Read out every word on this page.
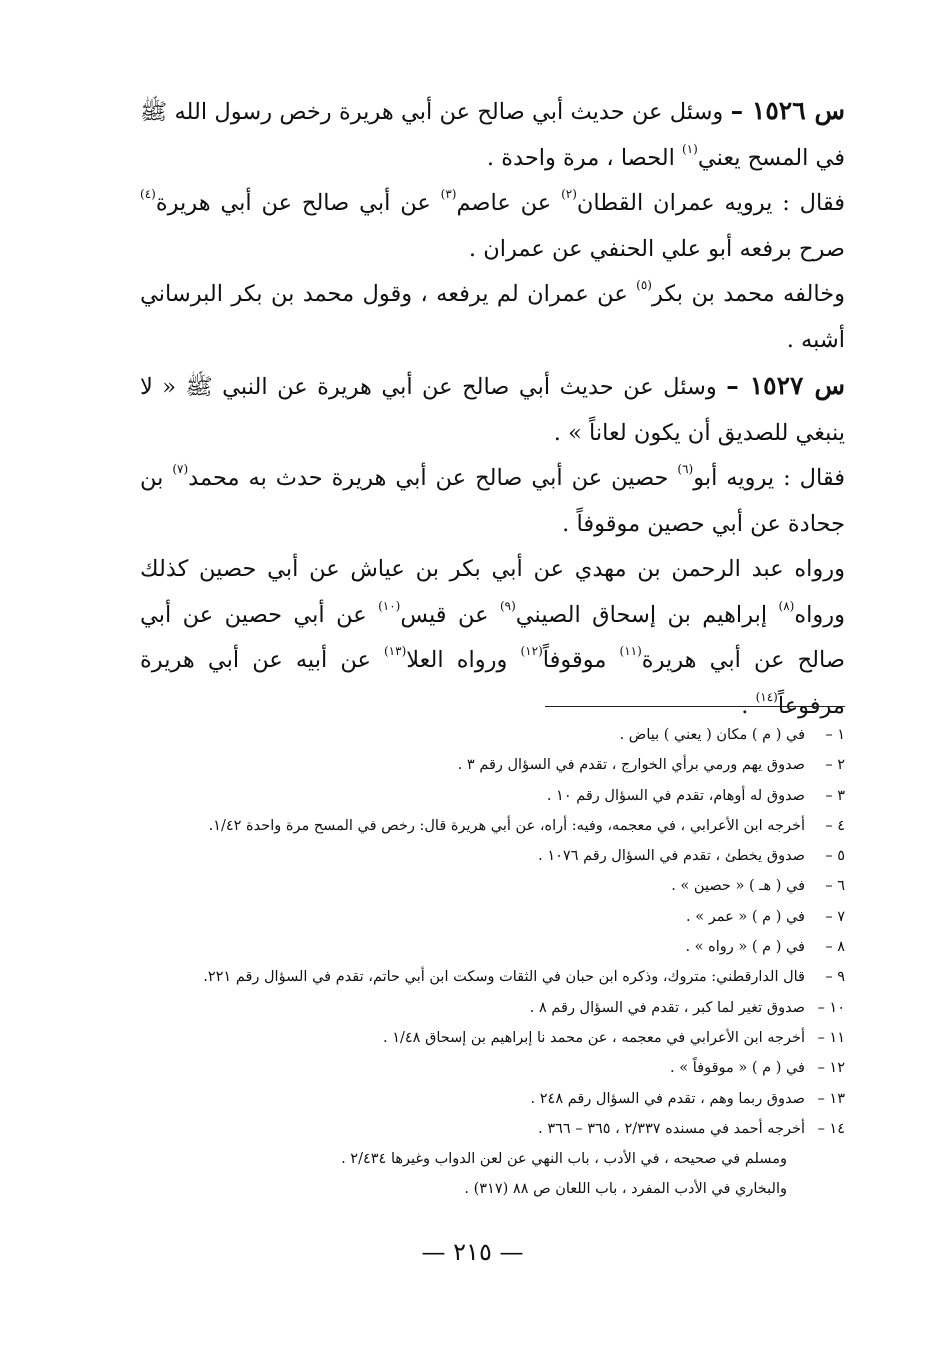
س ١٥٢٦ – وسئل عن حديث أبي صالح عن أبي هريرة رخص رسول الله ﷺ في المسح يعني$^{(١)}$ الحصا ، مرة واحدة .

فقال : يرويه عمران القطان$^{(٢)}$ عن عاصم$^{(٣)}$ عن أبي صالح عن أبي هريرة$^{(٤)}$ صرح برفعه أبو علي الحنفي عن عمران .

وخالفه محمد بن بكر$^{(٥)}$ عن عمران لم يرفعه ، وقول محمد بن بكر البرساني أشبه .

س ١٥٢٧ – وسئل عن حديث أبي صالح عن أبي هريرة عن النبي ﷺ « لا ينبغي للصديق أن يكون لعاناً » .

فقال : يرويه أبو$^{(٦)}$ حصين عن أبي صالح عن أبي هريرة حدث به محمد$^{(٧)}$ بن جحادة عن أبي حصين موقوفاً .

ورواه عبد الرحمن بن مهدي عن أبي بكر بن عياش عن أبي حصين كذلك ورواه$^{(٨)}$ إبراهيم بن إسحاق الصيني$^{(٩)}$ عن قيس$^{(١٠)}$ عن أبي حصين عن أبي صالح عن أبي هريرة$^{(١١)}$ موقوفاً$^{(١٢)}$ ورواه العلا$^{(١٣)}$ عن أبيه عن أبي هريرة مرفوعاً$^{(١٤)}$ .

١ –في ( م ) مكان ( يعني ) بياض .
٢ –صدوق يهم ورمي برأي الخوارج ، تقدم في السؤال رقم ٣ .
٣ –صدوق له أوهام، تقدم في السؤال رقم ١٠ .
٤ –أخرجه ابن الأعرابي ، في معجمه، وفيه: أراه، عن أبي هريرة قال: رخص في المسح مرة واحدة ١/٤٢.
٥ –صدوق يخطئ ، تقدم في السؤال رقم ١٠٧٦ .
٦ –في ( هـ ) « حصين » .
٧ –في ( م ) « عمر » .
٨ –في ( م ) « رواه » .
٩ –قال الدارقطني: متروك، وذكره ابن حبان في الثقات وسكت ابن أبي حاتم، تقدم في السؤال رقم ٢٢١.
١٠ –صدوق تغير لما كبر ، تقدم في السؤال رقم ٨ .
١١ –أخرجه ابن الأعرابي في معجمه ، عن محمد نا إبراهيم بن إسحاق ١/٤٨ .
١٢ –في ( م ) « موقوفاً » .
١٣ –صدوق ربما وهم ، تقدم في السؤال رقم ٢٤٨ .
١٤ –أخرجه أحمد في مسنده ٢/٣٣٧ ، ٣٦٥ – ٣٦٦ .
ومسلم في صحيحه ، في الأدب ، باب النهي عن لعن الدواب وغيرها ٢/٤٣٤ .
والبخاري في الأدب المفرد ، باب اللعان ص ٨٨ (٣١٧) .
— ٢١٥ —
